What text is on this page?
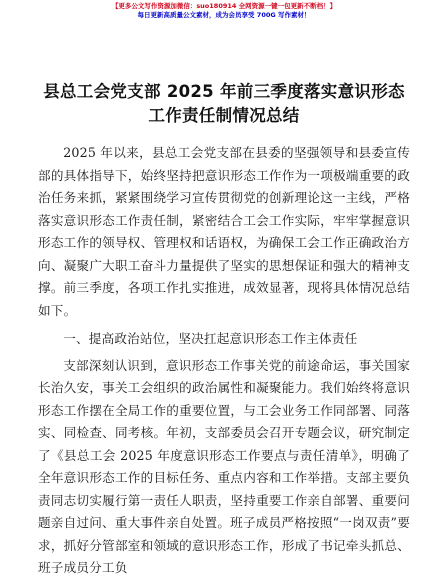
【更多公文写作资源加微信：suo180914 全网资源一键一包更新不断档！】
每日更新高质量公文素材，成为会员享受 700G 写作素材！
县总工会党支部 2025 年前三季度落实意识形态
工作责任制情况总结

2025 年以来，县总工会党支部在县委的坚强领导和县委宣传部的具体指导下，始终坚持把意识形态工作作为一项极端重要的政治任务来抓，紧紧围绕学习宣传贯彻党的创新理论这一主线，严格落实意识形态工作责任制，紧密结合工会工作实际，牢牢掌握意识形态工作的领导权、管理权和话语权，为确保工会工作正确政治方向、凝聚广大职工奋斗力量提供了坚实的思想保证和强大的精神支撑。前三季度，各项工作扎实推进，成效显著，现将具体情况总结如下。

一、提高政治站位，坚决扛起意识形态工作主体责任

支部深刻认识到，意识形态工作事关党的前途命运，事关国家长治久安，事关工会组织的政治属性和凝聚能力。我们始终将意识形态工作摆在全局工作的重要位置，与工会业务工作同部署、同落实、同检查、同考核。年初，支部委员会召开专题会议，研究制定了《县总工会 2025 年度意识形态工作要点与责任清单》，明确了全年意识形态工作的目标任务、重点内容和工作举措。支部主要负责同志切实履行第一责任人职责，坚持重要工作亲自部署、重要问题亲自过问、重大事件亲自处置。班子成员严格按照“一岗双责”要求，抓好分管部室和领域的意识形态工作，形成了书记牵头抓总、班子成员分工负
